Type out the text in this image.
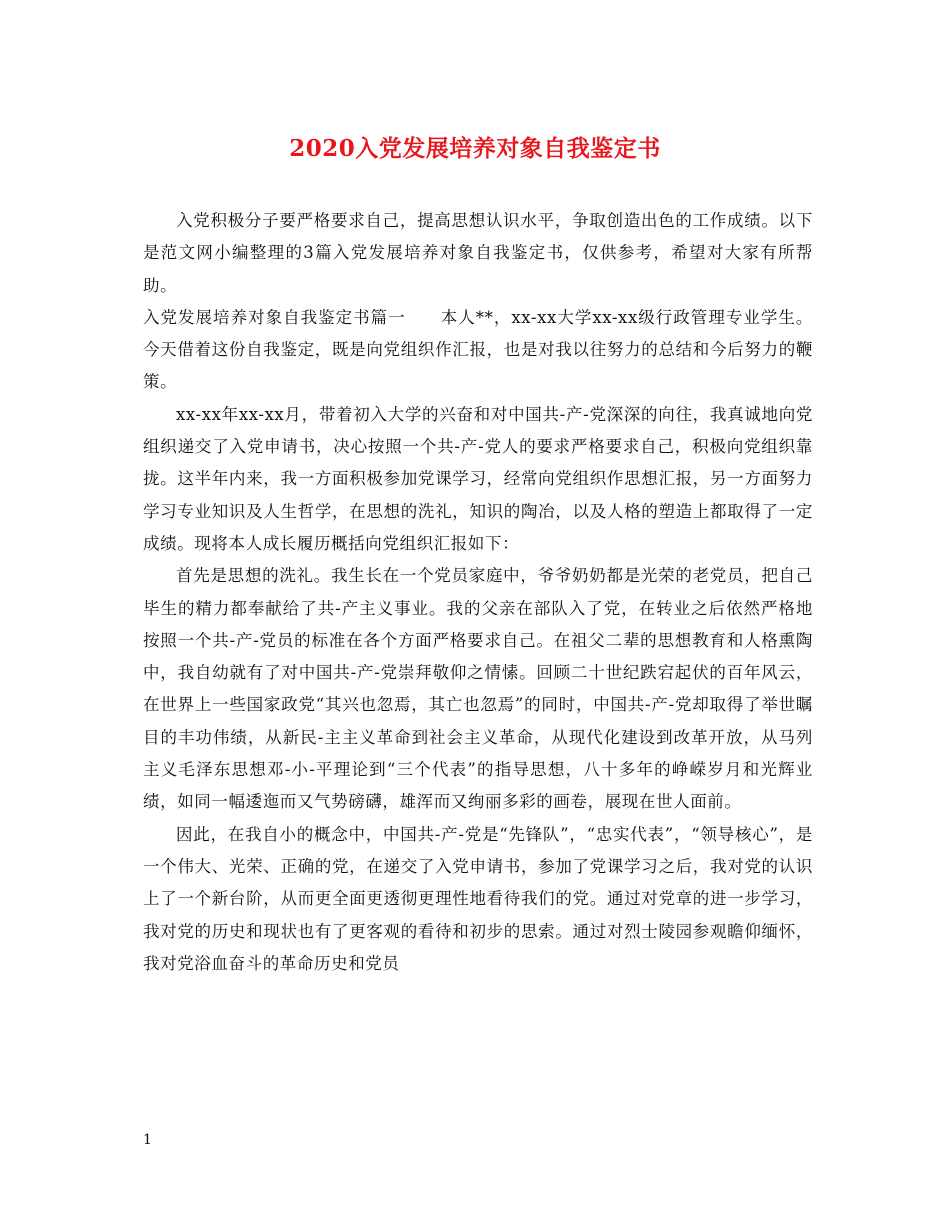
2020入党发展培养对象自我鉴定书

入党积极分子要严格要求自己，提高思想认识水平，争取创造出色的工作成绩。以下是范文网小编整理的3篇入党发展培养对象自我鉴定书，仅供参考，希望对大家有所帮助。

入党发展培养对象自我鉴定书篇一　　本人**，xx-xx大学xx-xx级行政管理专业学生。今天借着这份自我鉴定，既是向党组织作汇报，也是对我以往努力的总结和今后努力的鞭策。

xx-xx年xx-xx月，带着初入大学的兴奋和对中国共-产-党深深的向往，我真诚地向党组织递交了入党申请书，决心按照一个共-产-党人的要求严格要求自己，积极向党组织靠拢。这半年内来，我一方面积极参加党课学习，经常向党组织作思想汇报，另一方面努力学习专业知识及人生哲学，在思想的洗礼，知识的陶冶，以及人格的塑造上都取得了一定成绩。现将本人成长履历概括向党组织汇报如下：

首先是思想的洗礼。我生长在一个党员家庭中，爷爷奶奶都是光荣的老党员，把自己毕生的精力都奉献给了共-产主义事业。我的父亲在部队入了党，在转业之后依然严格地按照一个共-产-党员的标准在各个方面严格要求自己。在祖父二辈的思想教育和人格熏陶中，我自幼就有了对中国共-产-党崇拜敬仰之情愫。回顾二十世纪跌宕起伏的百年风云，在世界上一些国家政党“其兴也忽焉，其亡也忽焉”的同时，中国共-产-党却取得了举世瞩目的丰功伟绩，从新民-主主义革命到社会主义革命，从现代化建设到改革开放，从马列主义毛泽东思想邓-小-平理论到“三个代表”的指导思想，八十多年的峥嵘岁月和光辉业绩，如同一幅逶迤而又气势磅礴，雄浑而又绚丽多彩的画卷，展现在世人面前。

因此，在我自小的概念中，中国共-产-党是“先锋队”，“忠实代表”，“领导核心”，是一个伟大、光荣、正确的党，在递交了入党申请书，参加了党课学习之后，我对党的认识上了一个新台阶，从而更全面更透彻更理性地看待我们的党。通过对党章的进一步学习，我对党的历史和现状也有了更客观的看待和初步的思索。通过对烈士陵园参观瞻仰缅怀，我对党浴血奋斗的革命历史和党员

1
